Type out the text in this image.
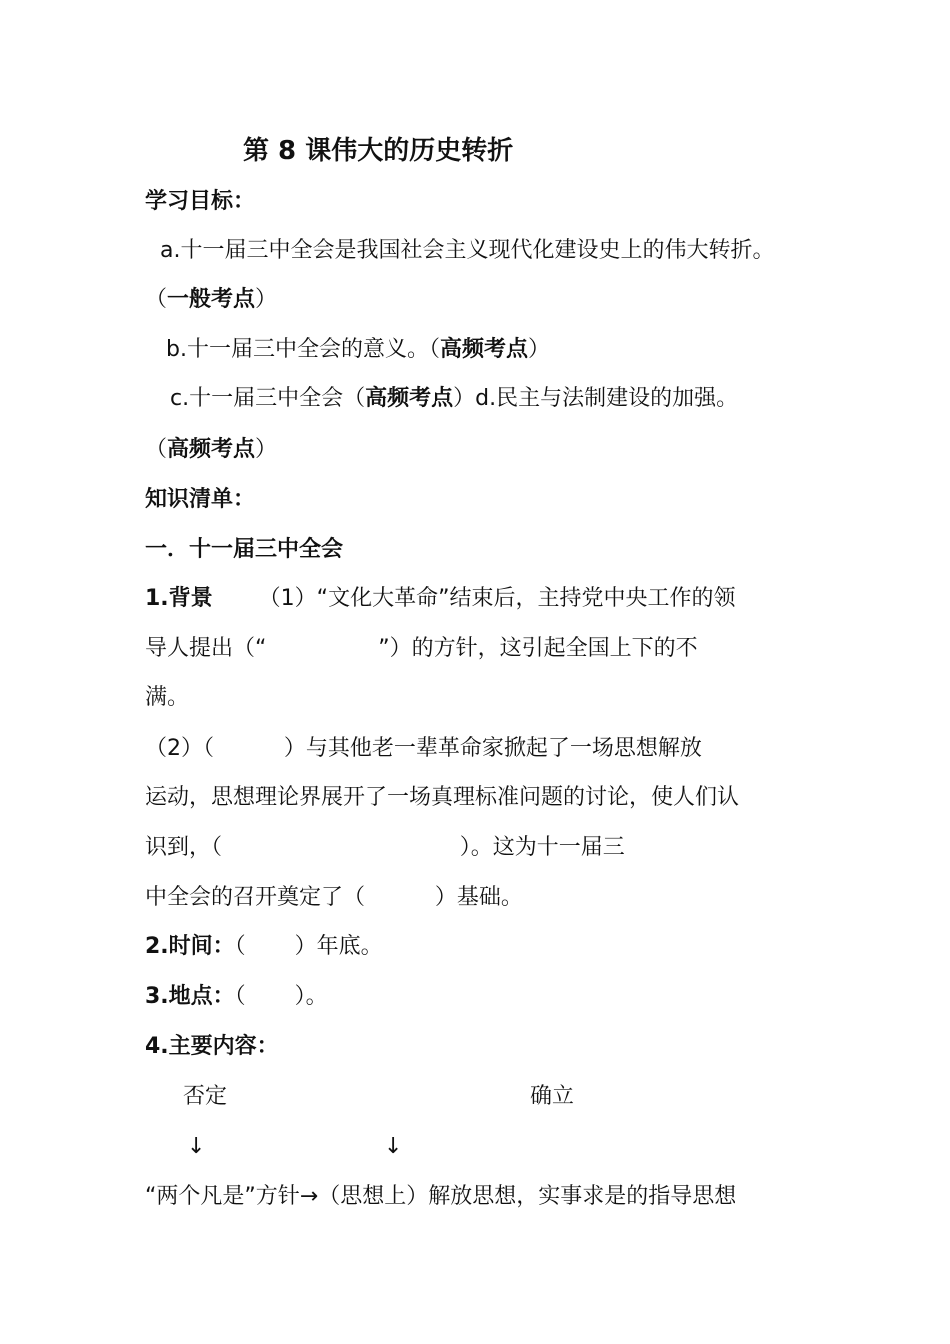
第 8 课伟大的历史转折
学习目标：
a.十一届三中全会是我国社会主义现代化建设史上的伟大转折。
（一般考点）
b.十一届三中全会的意义。（高频考点）
c.十一届三中全会（高频考点）d.民主与法制建设的加强。
（高频考点）
知识清单：
一．十一届三中全会
1.背景 （1）“文化大革命”结束后，主持党中央工作的领
导人提出（“                ”）的方针，这引起全国上下的不
满。
（2）（          ）与其他老一辈革命家掀起了一场思想解放
运动，思想理论界展开了一场真理标准问题的讨论，使人们认
识到，（                                  ）。这为十一届三
中全会的召开奠定了（          ）基础。
2.时间：（       ）年底。
3.地点：（       ）。
4.主要内容：
否定	确立
↓	↓
“两个凡是”方针→（思想上）解放思想，实事求是的指导思想
